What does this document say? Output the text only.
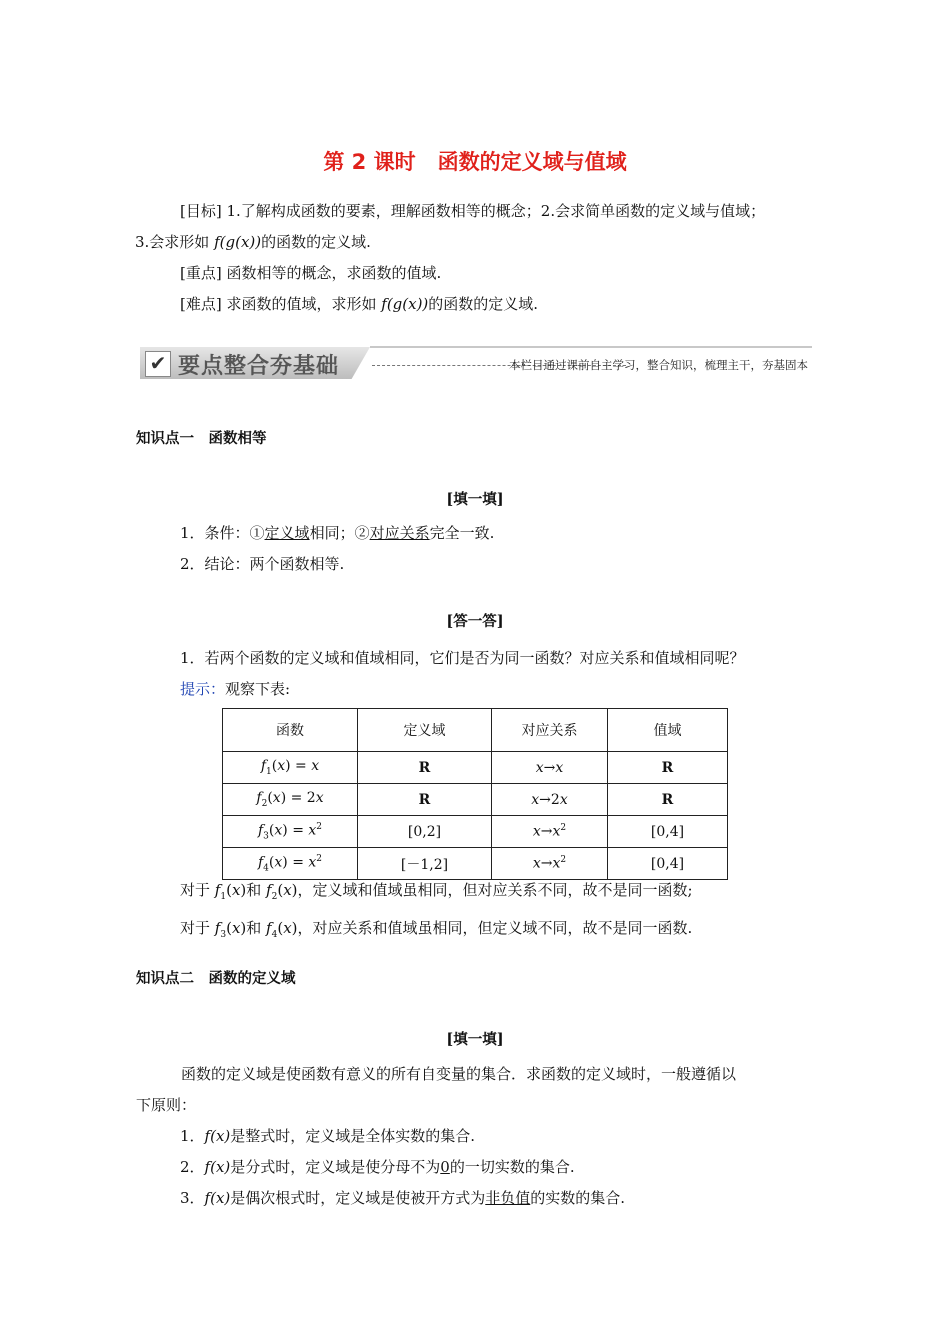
第 2 课时 函数的定义域与值域
[目标] 1.了解构成函数的要素，理解函数相等的概念；2.会求简单函数的定义域与值域；
3.会求形如 f(g(x))的函数的定义域.
[重点] 函数相等的概念，求函数的值域.
[难点] 求函数的值域，求形如 f(g(x))的函数的定义域.
✔ 要点整合夯基础	本栏目通过课前自主学习，整合知识，梳理主干，夯基固本
知识点一　函数相等
[填一填]
1．条件：①定义域相同；②对应关系完全一致.
2．结论：两个函数相等.
[答一答]
1．若两个函数的定义域和值域相同，它们是否为同一函数？对应关系和值域相同呢？
提示：观察下表:
函数	定义域	对应关系	值域
$f_1(x) = x$	R	x→x	R
$f_2(x) = 2x$	R	x→2x	R
$f_3(x) = x^2$	[0,2]	$x\to x^2$	[0,4]
$f_4(x) = x^2$	[－1,2]	$x\to x^2$	[0,4]
对于 $f_1(x)$和 $f_2(x)$，定义域和值域虽相同，但对应关系不同，故不是同一函数;
对于 $f_3(x)$和 $f_4(x)$，对应关系和值域虽相同，但定义域不同，故不是同一函数.
知识点二　函数的定义域
[填一填]
函数的定义域是使函数有意义的所有自变量的集合．求函数的定义域时，一般遵循以
下原则：
1．f(x)是整式时，定义域是全体实数的集合.
2．f(x)是分式时，定义域是使分母不为0的一切实数的集合.
3．f(x)是偶次根式时，定义域是使被开方式为非负值的实数的集合.
